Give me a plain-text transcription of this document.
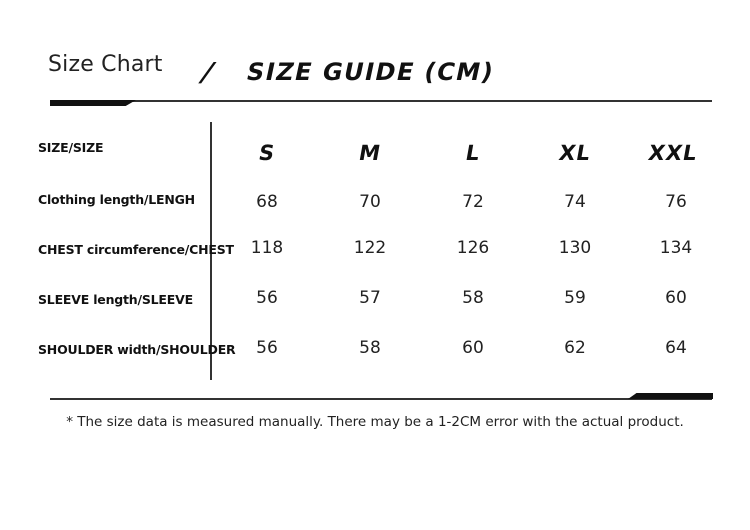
Size Chart / SIZE GUIDE (CM)
SIZE/SIZE	S	M	L	XL	XXL
Clothing length/LENGH	68	70	72	74	76
CHEST circumference/CHEST 118	122	126	130	134
SLEEVE length/SLEEVE	56	57	58	59	60
SHOULDER width/SHOULDER	56	58	60	62	64
* The size data is measured manually. There may be a 1-2CM error with the actual product.
